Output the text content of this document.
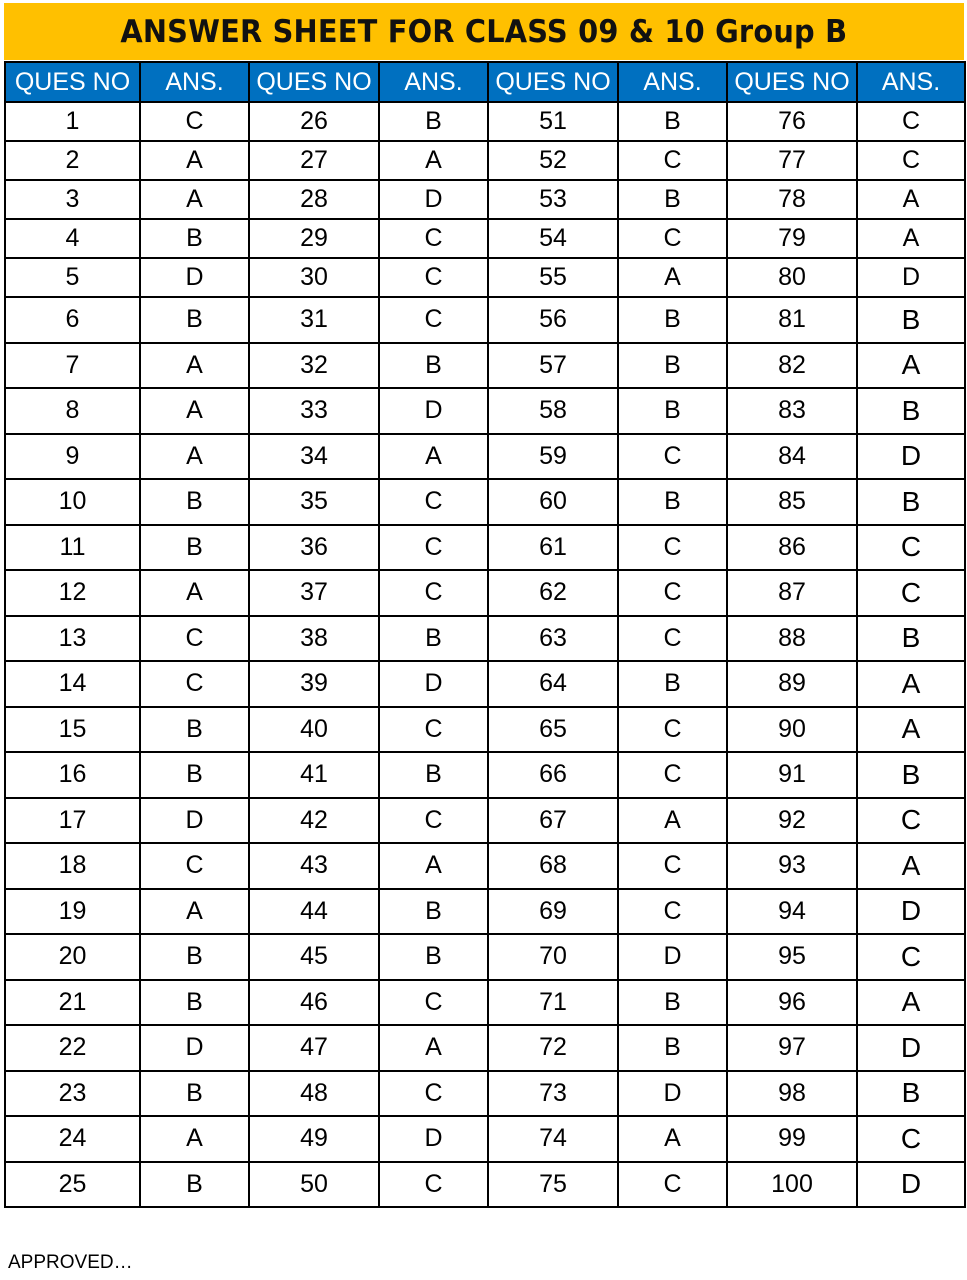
ANSWER SHEET FOR CLASS 09 & 10 Group B
QUES NO	ANS.	QUES NO	ANS.	QUES NO	ANS.	QUES NO	ANS.
1	C	26	B	51	B	76	C
2	A	27	A	52	C	77	C
3	A	28	D	53	B	78	A
4	B	29	C	54	C	79	A
5	D	30	C	55	A	80	D
6	B	31	C	56	B	81	B
7	A	32	B	57	B	82	A
8	A	33	D	58	B	83	B
9	A	34	A	59	C	84	D
10	B	35	C	60	B	85	B
11	B	36	C	61	C	86	C
12	A	37	C	62	C	87	C
13	C	38	B	63	C	88	B
14	C	39	D	64	B	89	A
15	B	40	C	65	C	90	A
16	B	41	B	66	C	91	B
17	D	42	C	67	A	92	C
18	C	43	A	68	C	93	A
19	A	44	B	69	C	94	D
20	B	45	B	70	D	95	C
21	B	46	C	71	B	96	A
22	D	47	A	72	B	97	D
23	B	48	C	73	D	98	B
24	A	49	D	74	A	99	C
25	B	50	C	75	C	100	D
APPROVED…
